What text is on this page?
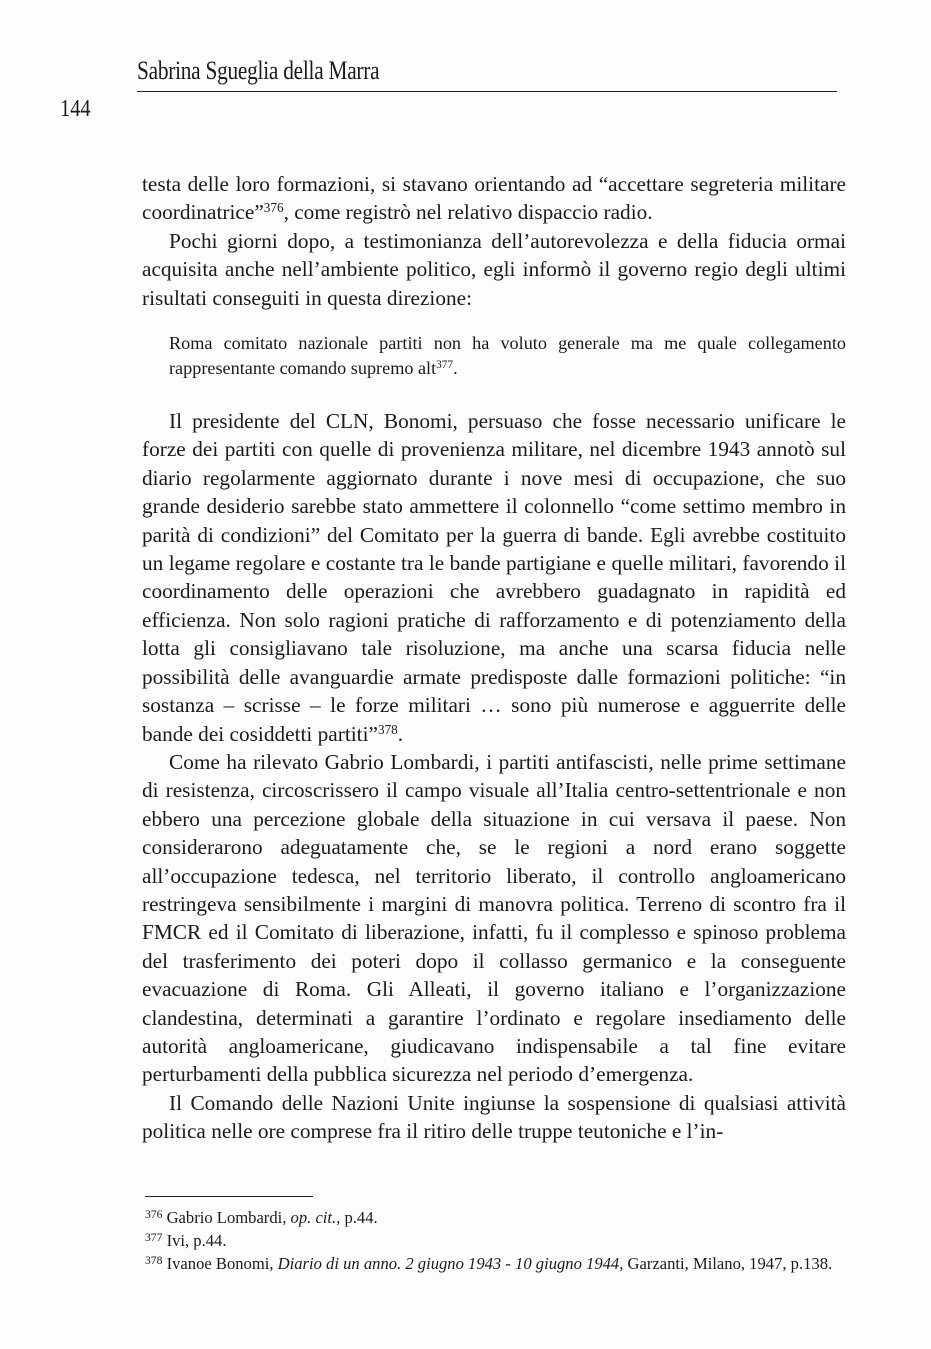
Sabrina Sgueglia della Marra
144

testa delle loro formazioni, si stavano orientando ad “accettare segreteria militare coordinatrice”$^{376}$, come registrò nel relativo dispaccio radio.

Pochi giorni dopo, a testimonianza dell’autorevolezza e della fiducia ormai acquisita anche nell’ambiente politico, egli informò il governo regio degli ultimi risultati conseguiti in questa direzione:

Roma comitato nazionale partiti non ha voluto generale ma me quale collegamento rappresentante comando supremo alt$^{377}$.

Il presidente del CLN, Bonomi, persuaso che fosse necessario unificare le forze dei partiti con quelle di provenienza militare, nel dicembre 1943 annotò sul diario regolarmente aggiornato durante i nove mesi di occupazione, che suo grande desiderio sarebbe stato ammettere il colonnello “come settimo membro in parità di condizioni” del Comitato per la guerra di bande. Egli avrebbe costituito un legame regolare e costante tra le bande partigiane e quelle militari, favorendo il coordinamento delle operazioni che avrebbero guadagnato in rapidità ed efficienza. Non solo ragioni pratiche di rafforzamento e di potenziamento della lotta gli consigliavano tale risoluzione, ma anche una scarsa fiducia nelle possibilità delle avanguardie armate predisposte dalle formazioni politiche: “in sostanza – scrisse – le forze militari … sono più numerose e agguerrite delle bande dei cosiddetti partiti”$^{378}$.

Come ha rilevato Gabrio Lombardi, i partiti antifascisti, nelle prime settimane di resistenza, circoscrissero il campo visuale all’Italia centro-settentrionale e non ebbero una percezione globale della situazione in cui versava il paese. Non considerarono adeguatamente che, se le regioni a nord erano soggette all’occupazione tedesca, nel territorio liberato, il controllo angloamericano restringeva sensibilmente i margini di manovra politica. Terreno di scontro fra il FMCR ed il Comitato di liberazione, infatti, fu il complesso e spinoso problema del trasferimento dei poteri dopo il collasso germanico e la conseguente evacuazione di Roma. Gli Alleati, il governo italiano e l’organizzazione clandestina, determinati a garantire l’ordinato e regolare insediamento delle autorità angloamericane, giudicavano indispensabile a tal fine evitare perturbamenti della pubblica sicurezza nel periodo d’emergenza.

Il Comando delle Nazioni Unite ingiunse la sospensione di qualsiasi attività politica nelle ore comprese fra il ritiro delle truppe teutoniche e l’in-

$^{376}$ Gabrio Lombardi, op. cit., p.44.

$^{377}$ Ivi, p.44.

$^{378}$ Ivanoe Bonomi, Diario di un anno. 2 giugno 1943 - 10 giugno 1944, Garzanti, Milano, 1947, p.138.
